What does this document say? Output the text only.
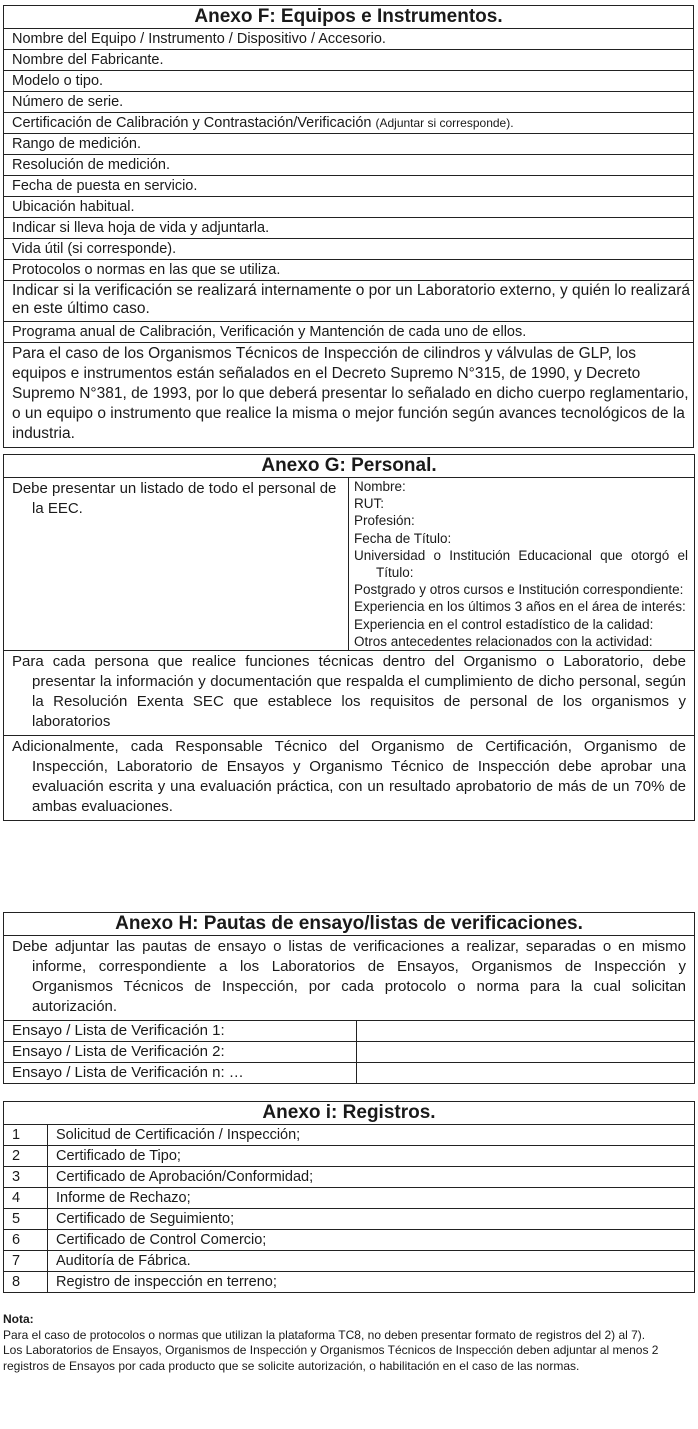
Anexo F: Equipos e Instrumentos.
Nombre del Equipo / Instrumento / Dispositivo / Accesorio.
Nombre del Fabricante.
Modelo o tipo.
Número de serie.
Certificación de Calibración y Contrastación/Verificación (Adjuntar si corresponde).
Rango de medición.
Resolución de medición.
Fecha de puesta en servicio.
Ubicación habitual.
Indicar si lleva hoja de vida y adjuntarla.
Vida útil (si corresponde).
Protocolos o normas en las que se utiliza.
Indicar si la verificación se realizará internamente o por un Laboratorio externo, y quién lo realizará en este último caso.
Programa anual de Calibración, Verificación y Mantención de cada uno de ellos.
Para el caso de los Organismos Técnicos de Inspección de cilindros y válvulas de GLP, los equipos e instrumentos están señalados en el Decreto Supremo N°315, de 1990, y Decreto Supremo N°381, de 1993, por lo que deberá presentar lo señalado en dicho cuerpo reglamentario, o un equipo o instrumento que realice la misma o mejor función según avances tecnológicos de la industria.
Anexo G: Personal.
Debe presentar un listado de todo el personal de la EEC.	
Nombre:
RUT:
Profesión:
Fecha de Título:
Universidad o Institución Educacional que otorgó el Título:
Postgrado y otros cursos e Institución correspondiente:
Experiencia en los últimos 3 años en el área de interés:
Experiencia en el control estadístico de la calidad:
Otros antecedentes relacionados con la actividad:

Para cada persona que realice funciones técnicas dentro del Organismo o Laboratorio, debe presentar la información y documentación que respalda el cumplimiento de dicho personal, según la Resolución Exenta SEC que establece los requisitos de personal de los organismos y laboratorios
Adicionalmente, cada Responsable Técnico del Organismo de Certificación, Organismo de Inspección, Laboratorio de Ensayos y Organismo Técnico de Inspección debe aprobar una evaluación escrita y una evaluación práctica, con un resultado aprobatorio de más de un 70% de ambas evaluaciones.
Anexo H: Pautas de ensayo/listas de verificaciones.	
Debe adjuntar las pautas de ensayo o listas de verificaciones a realizar, separadas o en mismo informe, correspondiente a los Laboratorios de Ensayos, Organismos de Inspección y Organismos Técnicos de Inspección, por cada protocolo o norma para la cual solicitan autorización.	
Ensayo / Lista de Verificación 1:	
Ensayo / Lista de Verificación 2:	
Ensayo / Lista de Verificación n: …	
Anexo i: Registros.	
1	Solicitud de Certificación / Inspección;
2	Certificado de Tipo;
3	Certificado de Aprobación/Conformidad;
4	Informe de Rechazo;
5	Certificado de Seguimiento;
6	Certificado de Control Comercio;
7	Auditoría de Fábrica.
8	Registro de inspección en terreno;
Nota:
Para el caso de protocolos o normas que utilizan la plataforma TC8, no deben presentar formato de registros del 2) al 7).
Los Laboratorios de Ensayos, Organismos de Inspección y Organismos Técnicos de Inspección deben adjuntar al menos 2 registros de Ensayos por cada producto que se solicite autorización, o habilitación en el caso de las normas.
